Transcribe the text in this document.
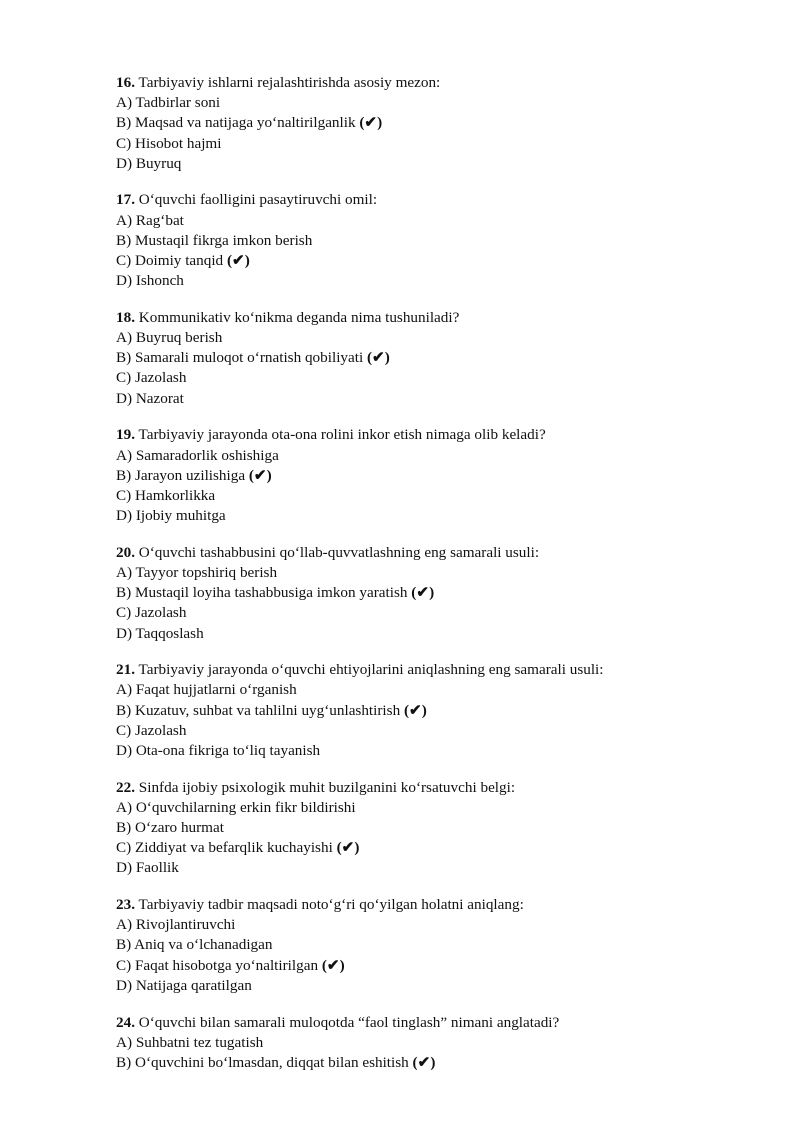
16. Tarbiyaviy ishlarni rejalashtirishda asosiy mezon:
A) Tadbirlar soni
B) Maqsad va natijaga yo‘naltirilganlik (✔)
C) Hisobot hajmi
D) Buyruq
17. O‘quvchi faolligini pasaytiruvchi omil:
A) Rag‘bat
B) Mustaqil fikrga imkon berish
C) Doimiy tanqid (✔)
D) Ishonch
18. Kommunikativ ko‘nikma deganda nima tushuniladi?
A) Buyruq berish
B) Samarali muloqot o‘rnatish qobiliyati (✔)
C) Jazolash
D) Nazorat
19. Tarbiyaviy jarayonda ota-ona rolini inkor etish nimaga olib keladi?
A) Samaradorlik oshishiga
B) Jarayon uzilishiga (✔)
C) Hamkorlikka
D) Ijobiy muhitga
20. O‘quvchi tashabbusini qo‘llab-quvvatlashning eng samarali usuli:
A) Tayyor topshiriq berish
B) Mustaqil loyiha tashabbusiga imkon yaratish (✔)
C) Jazolash
D) Taqqoslash
21. Tarbiyaviy jarayonda o‘quvchi ehtiyojlarini aniqlashning eng samarali usuli:
A) Faqat hujjatlarni o‘rganish
B) Kuzatuv, suhbat va tahlilni uyg‘unlashtirish (✔)
C) Jazolash
D) Ota-ona fikriga to‘liq tayanish
22. Sinfda ijobiy psixologik muhit buzilganini ko‘rsatuvchi belgi:
A) O‘quvchilarning erkin fikr bildirishi
B) O‘zaro hurmat
C) Ziddiyat va befarqlik kuchayishi (✔)
D) Faollik
23. Tarbiyaviy tadbir maqsadi noto‘g‘ri qo‘yilgan holatni aniqlang:
A) Rivojlantiruvchi
B) Aniq va o‘lchanadigan
C) Faqat hisobotga yo‘naltirilgan (✔)
D) Natijaga qaratilgan
24. O‘quvchi bilan samarali muloqotda “faol tinglash” nimani anglatadi?
A) Suhbatni tez tugatish
B) O‘quvchini bo‘lmasdan, diqqat bilan eshitish (✔)
